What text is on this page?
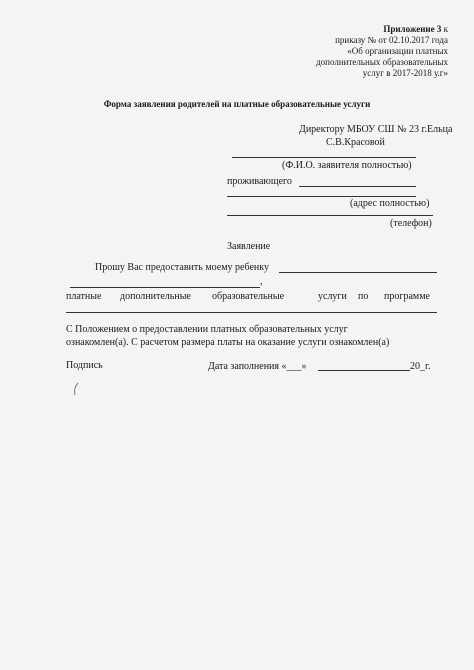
Приложение 3 к
приказу № от 02.10.2017 года
«Об организации платных
дополнительных образовательных
услуг в 2017-2018 у.г»
Форма заявления родителей на платные образовательные услуги
Директору МБОУ СШ № 23 г.Ельца
С.В.Красовой
(Ф.И.О. заявителя полностью)
проживающего
(адрес полностью)
(телефон)
Заявление
Прошу Вас предоставить моему ребенку
,
платные дополнительные образовательные	услуги по программе
С Положением о предоставлении платных образовательных услуг
ознакомлен(а). С расчетом размера платы на оказание услуги ознакомлен(а)
Подпись	Дата заполнения «___»	20_г.
